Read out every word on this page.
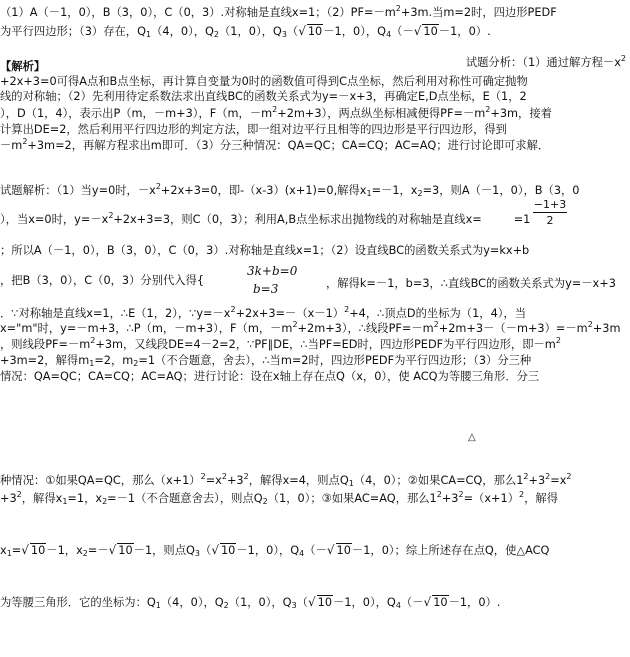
（1）A（－1，0），B（3，0），C（0，3）.对称轴是直线x=1；$(2)PF=-m^2+3m$.当m=2时，四边形PEDF
为平行四边形；（3）存在，$Q_1(4$，0），$Q_2(1$，0），$Q_3(√$ 10－1，0），$Q_4(-√$ 10－1，0）.
【解析】	试题分析：（1）通过解方程$-x^2$
+2x+3=0可得A点和B点坐标，再计算自变量为0时的函数值可得到C点坐标，然后利用对称性可确定抛物
线的对称轴；（2）先利用待定系数法求出直线BC的函数关系式为y=－x+3，再确定E,D点坐标，E（1，2
），D（1，4），表示出P（m，－m+3），F（m，$-m^2+2m+3$），两点纵坐标相减便得$PF=-m^2+3m$，接着
计算出DE=2，然后利用平行四边形的判定方法，即一组对边平行且相等的四边形是平行四边形，得到
$-m^2+3m=2$，再解方程求出m即可．（3）分三种情况：QA=QC；CA=CQ；AC=AQ；进行讨论即可求解．
试题解析：（1）当y=0时，$-x^2+2x+3=0$，即-（x-3）(x+1)=0,解得$x_1=-1$，$x_2=3$，则A（－1，0），B（3，0
），当x=0时，$y=-x^2+2x+3=3$，则C（0，3）；利用A,B点坐标求出抛物线的对称轴是直线x=	=1
−1+3
2
；所以A（－1，0），B（3，0），C（0，3）.对称轴是直线x=1；（2）设直线BC的函数关系式为y=kx+b
，把B（3，0），C（0，3）分别代入得{
3k+b=0
b=3	，解得k=－1，b=3，∴直线BC的函数关系式为y=－x+3
．∵对称轴是直线x=1，∴E（1，2），$\because y=-x^2+2x+3=-(x-1)^2+4$，∴顶点D的坐标为（1，4），当
x="m"时，y=－m+3，∴P（m，－m+3），F（m，$-m^2+2m+3$），∴线段$PF=-m^2+2m+3-(-m+3)=-m^2+3m$
，则线段$PF=-m^2+3m$，又线段DE=4－2=2，∵PF∥DE，∴当PF=ED时，四边形PEDF为平行四边形，即$-m^2$
+3m=2，解得$m_1=2$，$m_2=1$（不合题意，舍去），∴当m=2时，四边形PEDF为平行四边形；（3）分三种
情况：QA=QC；CA=CQ；AC=AQ；进行讨论：设在x轴上存在点Q（x，0），使 ACQ为等腰三角形．分三
△
种情况：①如果QA=QC，那么$(x+1)^2=x^2+3^2$，解得x=4，则点$Q_1(4$，0）；②如果CA=CQ，那么$1^2+3^2=x^2$
$+3^2$，解得$x_1=1$，$x_2=-1$（不合题意舍去），则点$Q_2(1$，0）；③如果AC=AQ，那么$1^2+3^2=(x+1)^2$，解得
$x_1=√$ 10－1，$x_2=-√$ 10－1，则点$Q_3(√$ 10－1，0），$Q_4(-√$ 10－1，0）；综上所述存在点Q，使△ACQ
为等腰三角形．它的坐标为：$Q_1(4$，0），$Q_2(1$，0），$Q_3(√$ 10－1，0），$Q_4(-√$ 10－1，0）.
